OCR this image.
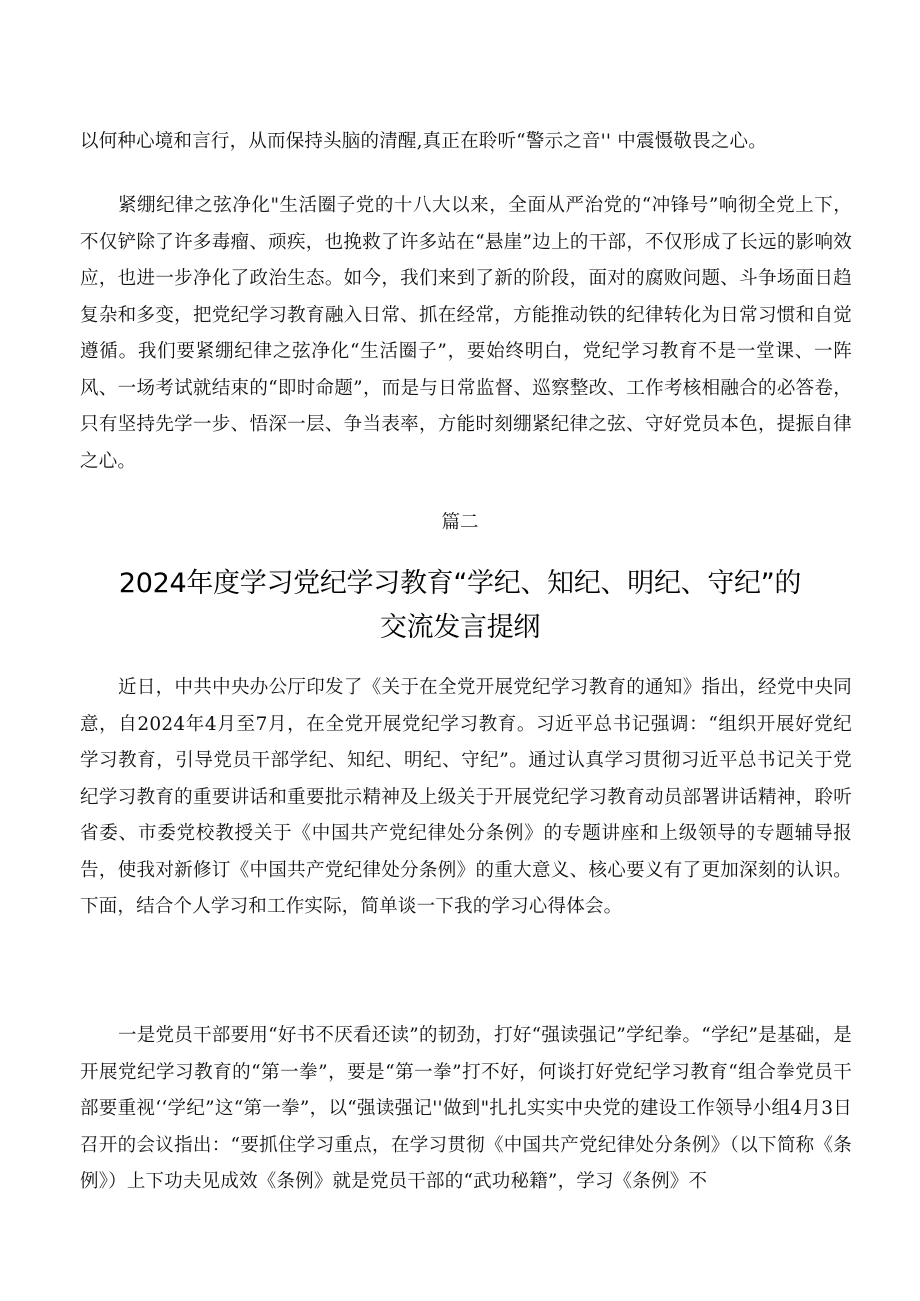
以何种心境和言行，从而保持头脑的清醒,真正在聆听“警示之音'' 中震慑敬畏之心。

紧绷纪律之弦净化"生活圈子党的十八大以来，全面从严治党的“冲锋号”响彻全党上下，不仅铲除了许多毒瘤、顽疾，也挽救了许多站在“悬崖”边上的干部，不仅形成了长远的影响效应，也进一步净化了政治生态。如今，我们来到了新的阶段，面对的腐败问题、斗争场面日趋复杂和多变，把党纪学习教育融入日常、抓在经常，方能推动铁的纪律转化为日常习惯和自觉遵循。我们要紧绷纪律之弦净化“生活圈子”，要始终明白，党纪学习教育不是一堂课、一阵风、一场考试就结束的“即时命题”，而是与日常监督、巡察整改、工作考核相融合的必答卷，只有坚持先学一步、悟深一层、争当表率，方能时刻绷紧纪律之弦、守好党员本色，提振自律之心。

篇二
2024年度学习党纪学习教育“学纪、知纪、明纪、守纪”的
交流发言提纲

近日，中共中央办公厅印发了《关于在全党开展党纪学习教育的通知》指出，经党中央同意，自2024年4月至7月，在全党开展党纪学习教育。习近平总书记强调：“组织开展好党纪学习教育，引导党员干部学纪、知纪、明纪、守纪”。通过认真学习贯彻习近平总书记关于党纪学习教育的重要讲话和重要批示精神及上级关于开展党纪学习教育动员部署讲话精神，聆听省委、市委党校教授关于《中国共产党纪律处分条例》的专题讲座和上级领导的专题辅导报告，使我对新修订《中国共产党纪律处分条例》的重大意义、核心要义有了更加深刻的认识。下面，结合个人学习和工作实际，简单谈一下我的学习心得体会。

一是党员干部要用“好书不厌看还读”的韧劲，打好“强读强记”学纪拳。“学纪”是基础，是开展党纪学习教育的“第一拳”，要是“第一拳”打不好，何谈打好党纪学习教育“组合拳党员干部要重视‘‘学纪”这“第一拳”，以“强读强记''做到"扎扎实实中央党的建设工作领导小组4月3日召开的会议指出：“要抓住学习重点，在学习贯彻《中国共产党纪律处分条例》（以下简称《条例》）上下功夫见成效《条例》就是党员干部的“武功秘籍”，学习《条例》不
